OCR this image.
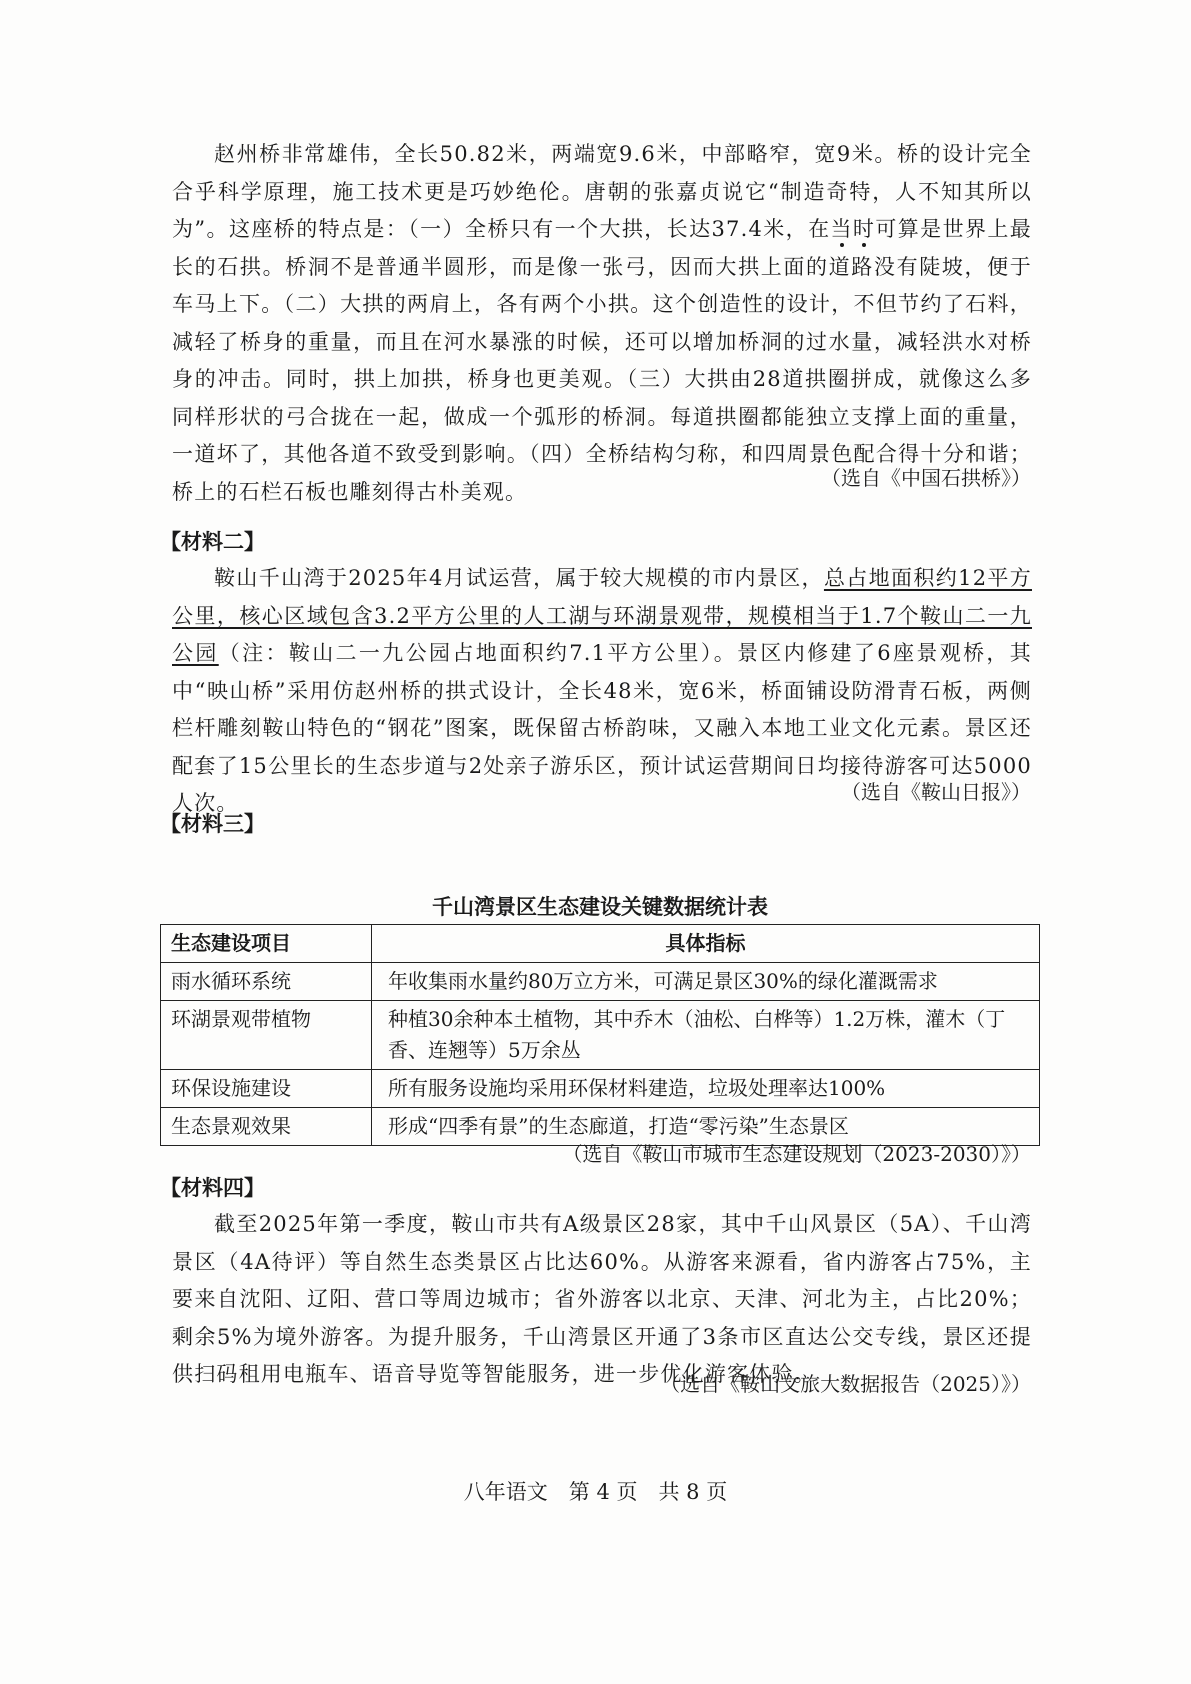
赵州桥非常雄伟，全长50.82米，两端宽9.6米，中部略窄，宽9米。桥的设计完全合乎科学原理，施工技术更是巧妙绝伦。唐朝的张嘉贞说它“制造奇特，人不知其所以为”。这座桥的特点是：（一）全桥只有一个大拱，长达37.4米，在当时可算是世界上最长的石拱。桥洞不是普通半圆形，而是像一张弓，因而大拱上面的道路没有陡坡，便于车马上下。（二）大拱的两肩上，各有两个小拱。这个创造性的设计，不但节约了石料，减轻了桥身的重量，而且在河水暴涨的时候，还可以增加桥洞的过水量，减轻洪水对桥身的冲击。同时，拱上加拱，桥身也更美观。（三）大拱由28道拱圈拼成，就像这么多同样形状的弓合拢在一起，做成一个弧形的桥洞。每道拱圈都能独立支撑上面的重量，一道坏了，其他各道不致受到影响。（四）全桥结构匀称，和四周景色配合得十分和谐；桥上的石栏石板也雕刻得古朴美观。

（选自《中国石拱桥》）

【材料二】

鞍山千山湾于2025年4月试运营，属于较大规模的市内景区，总占地面积约12平方公里，核心区域包含3.2平方公里的人工湖与环湖景观带，规模相当于1.7个鞍山二一九公园（注：鞍山二一九公园占地面积约7.1平方公里）。景区内修建了6座景观桥，其中“映山桥”采用仿赵州桥的拱式设计，全长48米，宽6米，桥面铺设防滑青石板，两侧栏杆雕刻鞍山特色的“钢花”图案，既保留古桥韵味，又融入本地工业文化元素。景区还配套了15公里长的生态步道与2处亲子游乐区，预计试运营期间日均接待游客可达5000人次。	（选自《鞍山日报》）

【材料三】

千山湾景区生态建设关键数据统计表

生态建设项目	具体指标
雨水循环系统	年收集雨水量约80万立方米，可满足景区30%的绿化灌溉需求
环湖景观带植物	种植30余种本土植物，其中乔木（油松、白桦等）1.2万株，灌木（丁香、连翘等）5万余丛
环保设施建设	所有服务设施均采用环保材料建造，垃圾处理率达100%
生态景观效果	形成“四季有景”的生态廊道，打造“零污染”生态景区

（选自《鞍山市城市生态建设规划（2023-2030）》）

【材料四】

截至2025年第一季度，鞍山市共有A级景区28家，其中千山风景区（5A）、千山湾景区（4A待评）等自然生态类景区占比达60%。从游客来源看，省内游客占75%，主要来自沈阳、辽阳、营口等周边城市；省外游客以北京、天津、河北为主，占比20%；剩余5%为境外游客。为提升服务，千山湾景区开通了3条市区直达公交专线，景区还提供扫码租用电瓶车、语音导览等智能服务，进一步优化游客体验。

（选自《鞍山文旅大数据报告（2025）》）

八年语文　第 4 页　共 8 页
